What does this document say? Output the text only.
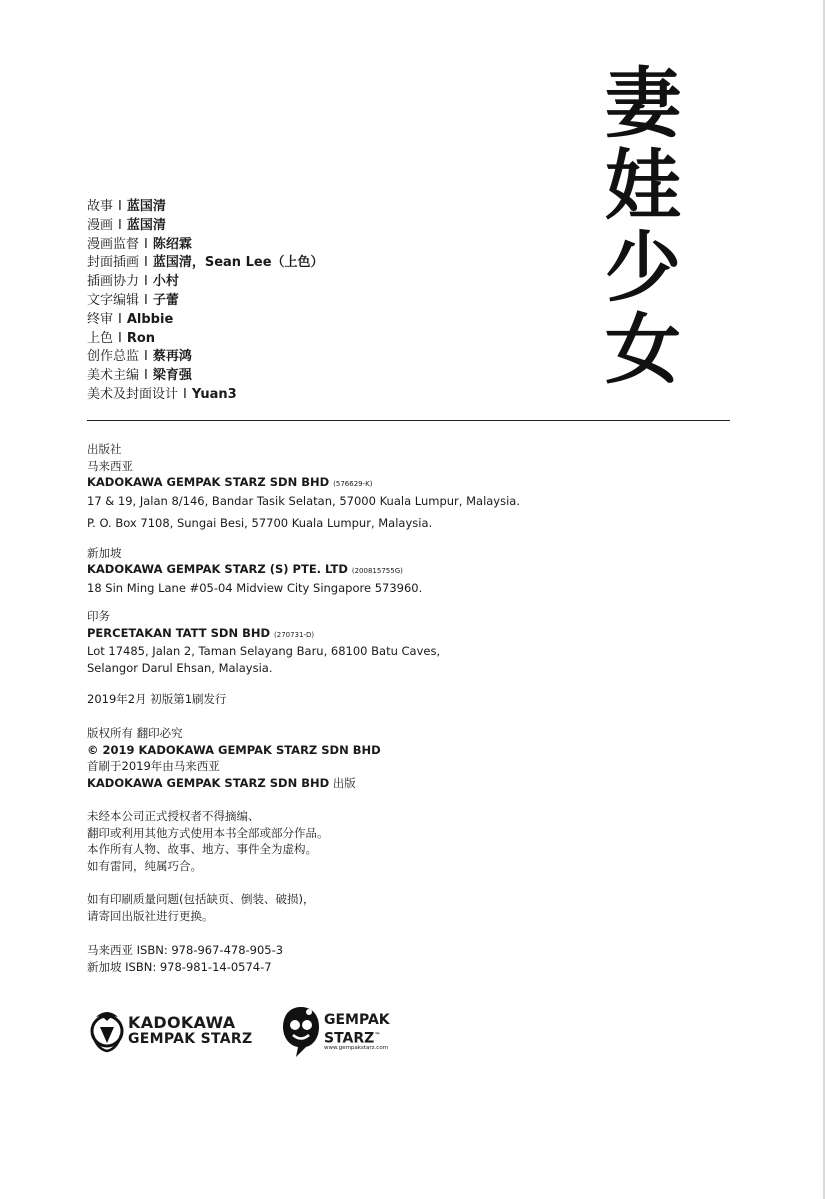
妻
娃
少
女
故事 I 蓝国清
漫画 I 蓝国清
漫画监督 I 陈绍霖
封面插画 I 蓝国清，Sean Lee（上色）
插画协力 I 小村
文字编辑 I 子蕾
终审 I Albbie
上色 I Ron
创作总监 I 蔡再鸿
美术主编 I 梁育强
美术及封面设计 I Yuan3
出版社
马来西亚
KADOKAWA GEMPAK STARZ SDN BHD (576629-K)
17 & 19, Jalan 8/146, Bandar Tasik Selatan, 57000 Kuala Lumpur, Malaysia.
P. O. Box 7108, Sungai Besi, 57700 Kuala Lumpur, Malaysia.
新加坡
KADOKAWA GEMPAK STARZ (S) PTE. LTD (200815755G)
18 Sin Ming Lane #05-04 Midview City Singapore 573960.
印务
PERCETAKAN TATT SDN BHD (270731-D)
Lot 17485, Jalan 2, Taman Selayang Baru, 68100 Batu Caves,
Selangor Darul Ehsan, Malaysia.
2019年2月 初版第1刷发行
版权所有 翻印必究
© 2019 KADOKAWA GEMPAK STARZ SDN BHD
首刷于2019年由马来西亚
KADOKAWA GEMPAK STARZ SDN BHD 出版
未经本公司正式授权者不得摘编、
翻印或利用其他方式使用本书全部或部分作品。
本作所有人物、故事、地方、事件全为虚构。
如有雷同，纯属巧合。
如有印刷质量问题(包括缺页、倒装、破损)，
请寄回出版社进行更换。
马来西亚 ISBN: 978-967-478-905-3
新加坡 ISBN: 978-981-14-0574-7
KADOKAWA
GEMPAK STARZ
GEMPAK
STARZ™
www.gempakstarz.com
